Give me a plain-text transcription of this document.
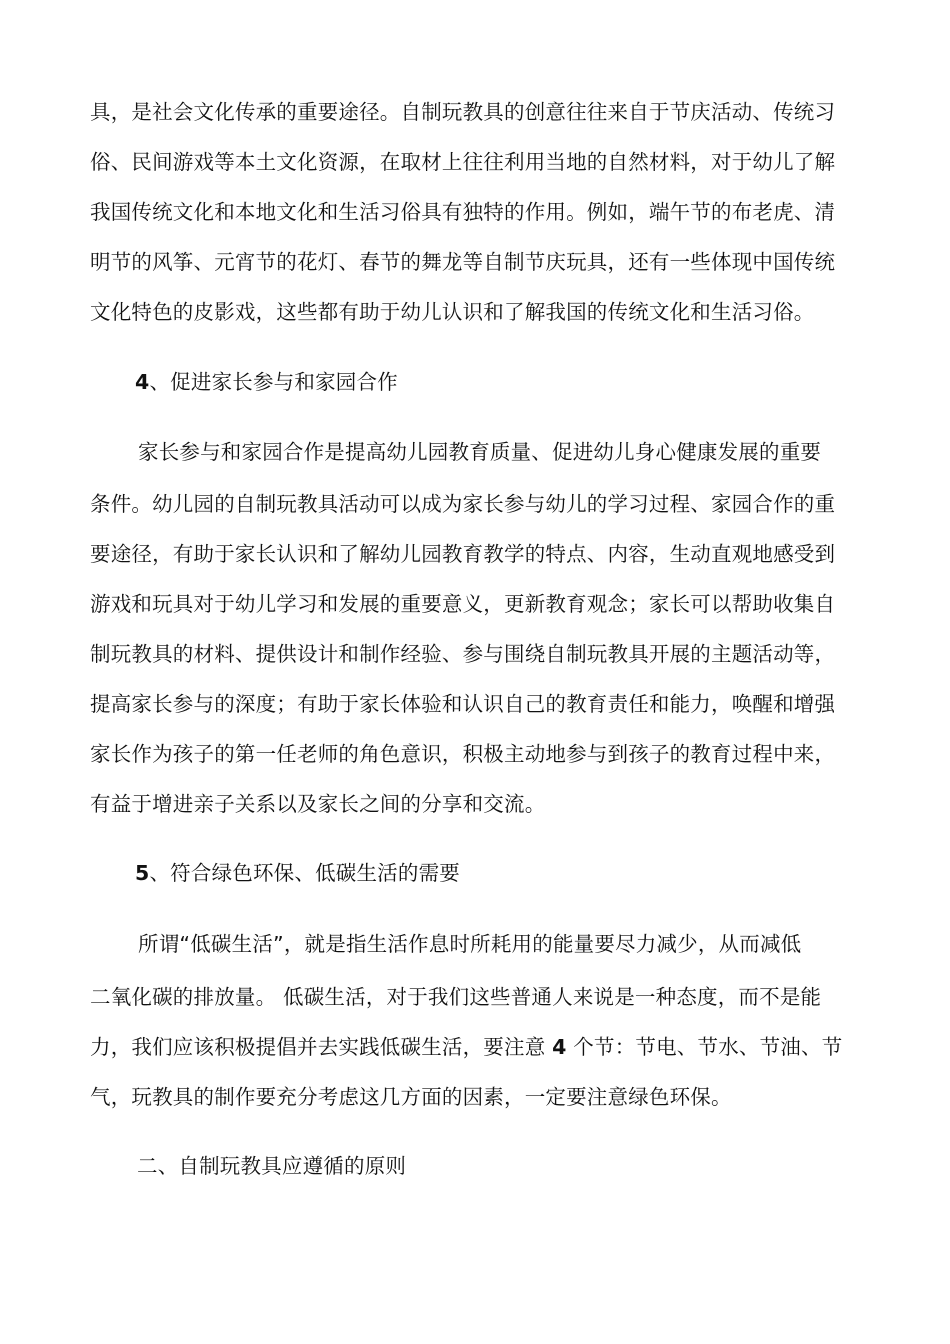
具，是社会文化传承的重要途径。自制玩教具的创意往往来自于节庆活动、传统习
俗、民间游戏等本土文化资源，在取材上往往利用当地的自然材料，对于幼儿了解
我国传统文化和本地文化和生活习俗具有独特的作用。例如，端午节的布老虎、清
明节的风筝、元宵节的花灯、春节的舞龙等自制节庆玩具，还有一些体现中国传统
文化特色的皮影戏，这些都有助于幼儿认识和了解我国的传统文化和生活习俗。
4、促进家长参与和家园合作
家长参与和家园合作是提高幼儿园教育质量、促进幼儿身心健康发展的重要
条件。幼儿园的自制玩教具活动可以成为家长参与幼儿的学习过程、家园合作的重
要途径，有助于家长认识和了解幼儿园教育教学的特点、内容，生动直观地感受到
游戏和玩具对于幼儿学习和发展的重要意义，更新教育观念；家长可以帮助收集自
制玩教具的材料、提供设计和制作经验、参与围绕自制玩教具开展的主题活动等，
提高家长参与的深度；有助于家长体验和认识自己的教育责任和能力，唤醒和增强
家长作为孩子的第一任老师的角色意识，积极主动地参与到孩子的教育过程中来，
有益于增进亲子关系以及家长之间的分享和交流。
5、符合绿色环保、低碳生活的需要
所谓“低碳生活”，就是指生活作息时所耗用的能量要尽力减少，从而减低
二氧化碳的排放量。 低碳生活，对于我们这些普通人来说是一种态度，而不是能
力，我们应该积极提倡并去实践低碳生活，要注意 4 个节：节电、节水、节油、节
气，玩教具的制作要充分考虑这几方面的因素，一定要注意绿色环保。
二、自制玩教具应遵循的原则
